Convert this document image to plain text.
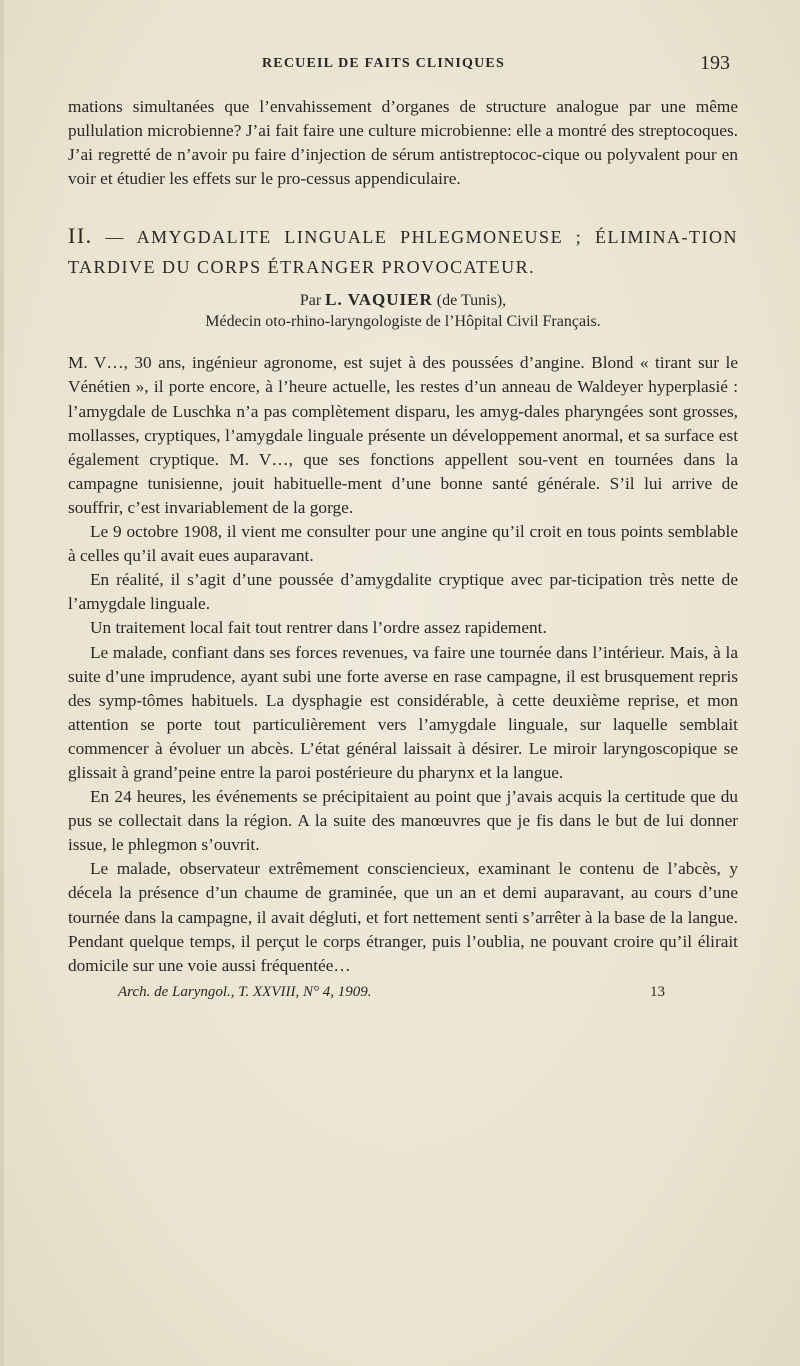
RECUEIL DE FAITS CLINIQUES	193

mations simultanées que l’envahissement d’organes de structure analogue par une même pullulation microbienne? J’ai fait faire une culture microbienne: elle a montré des streptocoques. J’ai regretté de n’avoir pu faire d’injection de sérum antistreptococ-cique ou polyvalent pour en voir et étudier les effets sur le pro-cessus appendiculaire.

II. — AMYGDALITE LINGUALE PHLEGMONEUSE ; ÉLIMINA-TION TARDIVE DU CORPS ÉTRANGER PROVOCATEUR.
Par L. VAQUIER (de Tunis),
Médecin oto-rhino-laryngologiste de l’Hôpital Civil Français.

M. V…, 30 ans, ingénieur agronome, est sujet à des poussées d’angine. Blond « tirant sur le Vénétien », il porte encore, à l’heure actuelle, les restes d’un anneau de Waldeyer hyperplasié : l’amygdale de Luschka n’a pas complètement disparu, les amyg-dales pharyngées sont grosses, mollasses, cryptiques, l’amygdale linguale présente un développement anormal, et sa surface est également cryptique. M. V…, que ses fonctions appellent sou-vent en tournées dans la campagne tunisienne, jouit habituelle-ment d’une bonne santé générale. S’il lui arrive de souffrir, c’est invariablement de la gorge.

Le 9 octobre 1908, il vient me consulter pour une angine qu’il croit en tous points semblable à celles qu’il avait eues auparavant.

En réalité, il s’agit d’une poussée d’amygdalite cryptique avec par-ticipation très nette de l’amygdale linguale.

Un traitement local fait tout rentrer dans l’ordre assez rapidement.

Le malade, confiant dans ses forces revenues, va faire une tournée dans l’intérieur. Mais, à la suite d’une imprudence, ayant subi une forte averse en rase campagne, il est brusquement repris des symp-tômes habituels. La dysphagie est considérable, à cette deuxième reprise, et mon attention se porte tout particulièrement vers l’amygdale linguale, sur laquelle semblait commencer à évoluer un abcès. L’état général laissait à désirer. Le miroir laryngoscopique se glissait à grand’peine entre la paroi postérieure du pharynx et la langue.

En 24 heures, les événements se précipitaient au point que j’avais acquis la certitude que du pus se collectait dans la région. A la suite des manœuvres que je fis dans le but de lui donner issue, le phlegmon s’ouvrit.

Le malade, observateur extrêmement consciencieux, examinant le contenu de l’abcès, y décela la présence d’un chaume de graminée, que un an et demi auparavant, au cours d’une tournée dans la campagne, il avait dégluti, et fort nettement senti s’arrêter à la base de la langue. Pendant quelque temps, il perçut le corps étranger, puis l’oublia, ne pouvant croire qu’il élirait domicile sur une voie aussi fréquentée…

Arch. de Laryngol., T. XXVIII, N° 4, 1909.	13
